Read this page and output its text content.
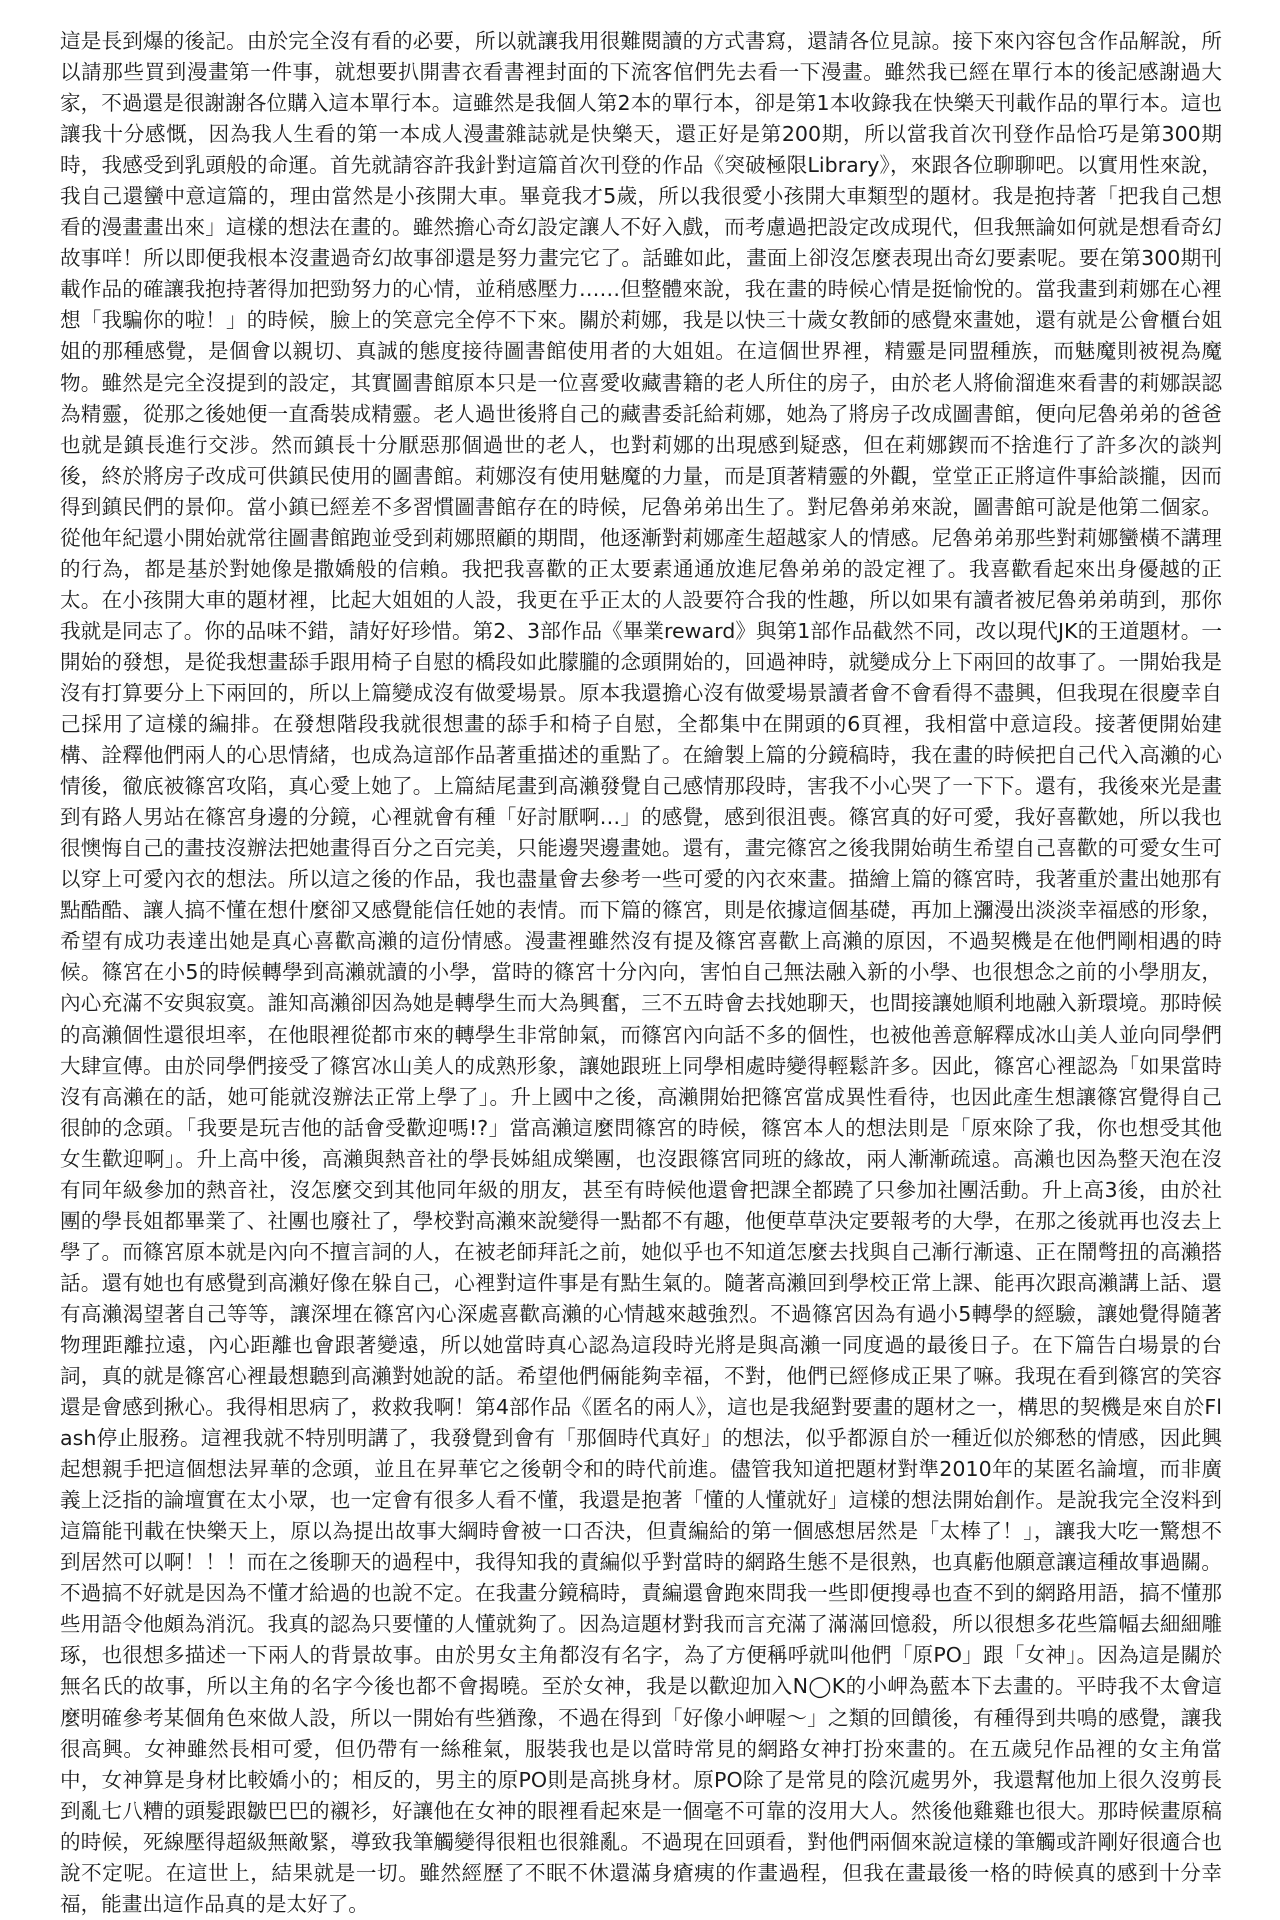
這是長到爆的後記。由於完全沒有看的必要，所以就讓我用很難閱讀的方式書寫，還請各位見諒。接下來內容包含作品解說，所以請那些買到漫畫第一件事，就想要扒開書衣看書裡封面的下流客倌們先去看一下漫畫。雖然我已經在單行本的後記感謝過大家，不過還是很謝謝各位購入這本單行本。這雖然是我個人第2本的單行本，卻是第1本收錄我在快樂天刊載作品的單行本。這也讓我十分感慨，因為我人生看的第一本成人漫畫雜誌就是快樂天，還正好是第200期，所以當我首次刊登作品恰巧是第300期時，我感受到乳頭般的命運。首先就請容許我針對這篇首次刊登的作品《突破極限Library》，來跟各位聊聊吧。以實用性來說，我自己還蠻中意這篇的，理由當然是小孩開大車。畢竟我才5歲，所以我很愛小孩開大車類型的題材。我是抱持著「把我自己想看的漫畫畫出來」這樣的想法在畫的。雖然擔心奇幻設定讓人不好入戲，而考慮過把設定改成現代，但我無論如何就是想看奇幻故事咩！所以即便我根本沒畫過奇幻故事卻還是努力畫完它了。話雖如此，畫面上卻沒怎麼表現出奇幻要素呢。要在第300期刊載作品的確讓我抱持著得加把勁努力的心情，並稍感壓力……但整體來說，我在畫的時候心情是挺愉悅的。當我畫到莉娜在心裡想「我騙你的啦！」的時候，臉上的笑意完全停不下來。關於莉娜，我是以快三十歲女教師的感覺來畫她，還有就是公會櫃台姐姐的那種感覺，是個會以親切、真誠的態度接待圖書館使用者的大姐姐。在這個世界裡，精靈是同盟種族，而魅魔則被視為魔物。雖然是完全沒提到的設定，其實圖書館原本只是一位喜愛收藏書籍的老人所住的房子，由於老人將偷溜進來看書的莉娜誤認為精靈，從那之後她便一直喬裝成精靈。老人過世後將自己的藏書委託給莉娜，她為了將房子改成圖書館，便向尼魯弟弟的爸爸也就是鎮長進行交涉。然而鎮長十分厭惡那個過世的老人，也對莉娜的出現感到疑惑，但在莉娜鍥而不捨進行了許多次的談判後，終於將房子改成可供鎮民使用的圖書館。莉娜沒有使用魅魔的力量，而是頂著精靈的外觀，堂堂正正將這件事給談攏，因而得到鎮民們的景仰。當小鎮已經差不多習慣圖書館存在的時候，尼魯弟弟出生了。對尼魯弟弟來說，圖書館可說是他第二個家。從他年紀還小開始就常往圖書館跑並受到莉娜照顧的期間，他逐漸對莉娜產生超越家人的情感。尼魯弟弟那些對莉娜蠻橫不講理的行為，都是基於對她像是撒嬌般的信賴。我把我喜歡的正太要素通通放進尼魯弟弟的設定裡了。我喜歡看起來出身優越的正太。在小孩開大車的題材裡，比起大姐姐的人設，我更在乎正太的人設要符合我的性趣，所以如果有讀者被尼魯弟弟萌到，那你我就是同志了。你的品味不錯，請好好珍惜。第2、3部作品《畢業reward》與第1部作品截然不同，改以現代JK的王道題材。一開始的發想，是從我想畫舔手跟用椅子自慰的橋段如此朦朧的念頭開始的，回過神時，就變成分上下兩回的故事了。一開始我是沒有打算要分上下兩回的，所以上篇變成沒有做愛場景。原本我還擔心沒有做愛場景讀者會不會看得不盡興，但我現在很慶幸自己採用了這樣的編排。在發想階段我就很想畫的舔手和椅子自慰，全都集中在開頭的6頁裡，我相當中意這段。接著便開始建構、詮釋他們兩人的心思情緒，也成為這部作品著重描述的重點了。在繪製上篇的分鏡稿時，我在畫的時候把自己代入高瀨的心情後，徹底被篠宮攻陷，真心愛上她了。上篇結尾畫到高瀨發覺自己感情那段時，害我不小心哭了一下下。還有，我後來光是畫到有路人男站在篠宮身邊的分鏡，心裡就會有種「好討厭啊…」的感覺，感到很沮喪。篠宮真的好可愛，我好喜歡她，所以我也很懊悔自己的畫技沒辦法把她畫得百分之百完美，只能邊哭邊畫她。還有，畫完篠宮之後我開始萌生希望自己喜歡的可愛女生可以穿上可愛內衣的想法。所以這之後的作品，我也盡量會去參考一些可愛的內衣來畫。描繪上篇的篠宮時，我著重於畫出她那有點酷酷、讓人搞不懂在想什麼卻又感覺能信任她的表情。而下篇的篠宮，則是依據這個基礎，再加上瀰漫出淡淡幸福感的形象，希望有成功表達出她是真心喜歡高瀨的這份情感。漫畫裡雖然沒有提及篠宮喜歡上高瀨的原因，不過契機是在他們剛相遇的時候。篠宮在小5的時候轉學到高瀨就讀的小學，當時的篠宮十分內向，害怕自己無法融入新的小學、也很想念之前的小學朋友，內心充滿不安與寂寞。誰知高瀨卻因為她是轉學生而大為興奮，三不五時會去找她聊天，也間接讓她順利地融入新環境。那時候的高瀨個性還很坦率，在他眼裡從都市來的轉學生非常帥氣，而篠宮內向話不多的個性，也被他善意解釋成冰山美人並向同學們大肆宣傳。由於同學們接受了篠宮冰山美人的成熟形象，讓她跟班上同學相處時變得輕鬆許多。因此，篠宮心裡認為「如果當時沒有高瀨在的話，她可能就沒辦法正常上學了」。升上國中之後，高瀨開始把篠宮當成異性看待，也因此產生想讓篠宮覺得自己很帥的念頭。「我要是玩吉他的話會受歡迎嗎!?」當高瀨這麼問篠宮的時候，篠宮本人的想法則是「原來除了我，你也想受其他女生歡迎啊」。升上高中後，高瀨與熱音社的學長姊組成樂團，也沒跟篠宮同班的緣故，兩人漸漸疏遠。高瀨也因為整天泡在沒有同年級參加的熱音社，沒怎麼交到其他同年級的朋友，甚至有時候他還會把課全都蹺了只參加社團活動。升上高3後，由於社團的學長姐都畢業了、社團也廢社了，學校對高瀨來說變得一點都不有趣，他便草草決定要報考的大學，在那之後就再也沒去上學了。而篠宮原本就是內向不擅言詞的人，在被老師拜託之前，她似乎也不知道怎麼去找與自己漸行漸遠、正在鬧彆扭的高瀨搭話。還有她也有感覺到高瀨好像在躲自己，心裡對這件事是有點生氣的。隨著高瀨回到學校正常上課、能再次跟高瀨講上話、還有高瀨渴望著自己等等，讓深埋在篠宮內心深處喜歡高瀨的心情越來越強烈。不過篠宮因為有過小5轉學的經驗，讓她覺得隨著物理距離拉遠，內心距離也會跟著變遠，所以她當時真心認為這段時光將是與高瀨一同度過的最後日子。在下篇告白場景的台詞，真的就是篠宮心裡最想聽到高瀨對她說的話。希望他們倆能夠幸福，不對，他們已經修成正果了嘛。我現在看到篠宮的笑容還是會感到揪心。我得相思病了，救救我啊！第4部作品《匿名的兩人》，這也是我絕對要畫的題材之一，構思的契機是來自於Flash停止服務。這裡我就不特別明講了，我發覺到會有「那個時代真好」的想法，似乎都源自於一種近似於鄉愁的情感，因此興起想親手把這個想法昇華的念頭，並且在昇華它之後朝令和的時代前進。儘管我知道把題材對準2010年的某匿名論壇，而非廣義上泛指的論壇實在太小眾，也一定會有很多人看不懂，我還是抱著「懂的人懂就好」這樣的想法開始創作。是說我完全沒料到這篇能刊載在快樂天上，原以為提出故事大綱時會被一口否決，但責編給的第一個感想居然是「太棒了！」，讓我大吃一驚想不到居然可以啊！！！而在之後聊天的過程中，我得知我的責編似乎對當時的網路生態不是很熟，也真虧他願意讓這種故事過關。不過搞不好就是因為不懂才給過的也說不定。在我畫分鏡稿時，責編還會跑來問我一些即便搜尋也查不到的網路用語，搞不懂那些用語令他頗為消沉。我真的認為只要懂的人懂就夠了。因為這題材對我而言充滿了滿滿回憶殺，所以很想多花些篇幅去細細雕琢，也很想多描述一下兩人的背景故事。由於男女主角都沒有名字，為了方便稱呼就叫他們「原PO」跟「女神」。因為這是關於無名氏的故事，所以主角的名字今後也都不會揭曉。至於女神，我是以歡迎加入N◯K的小岬為藍本下去畫的。平時我不太會這麼明確參考某個角色來做人設，所以一開始有些猶豫，不過在得到「好像小岬喔～」之類的回饋後，有種得到共鳴的感覺，讓我很高興。女神雖然長相可愛，但仍帶有一絲稚氣，服裝我也是以當時常見的網路女神打扮來畫的。在五歲兒作品裡的女主角當中，女神算是身材比較嬌小的；相反的，男主的原PO則是高挑身材。原PO除了是常見的陰沉處男外，我還幫他加上很久沒剪長到亂七八糟的頭髮跟皺巴巴的襯衫，好讓他在女神的眼裡看起來是一個毫不可靠的沒用大人。然後他雞雞也很大。那時候畫原稿的時候，死線壓得超級無敵緊，導致我筆觸變得很粗也很雜亂。不過現在回頭看，對他們兩個來說這樣的筆觸或許剛好很適合也說不定呢。在這世上，結果就是一切。雖然經歷了不眠不休還滿身瘡痍的作畫過程，但我在畫最後一格的時候真的感到十分幸福，能畫出這作品真的是太好了。
